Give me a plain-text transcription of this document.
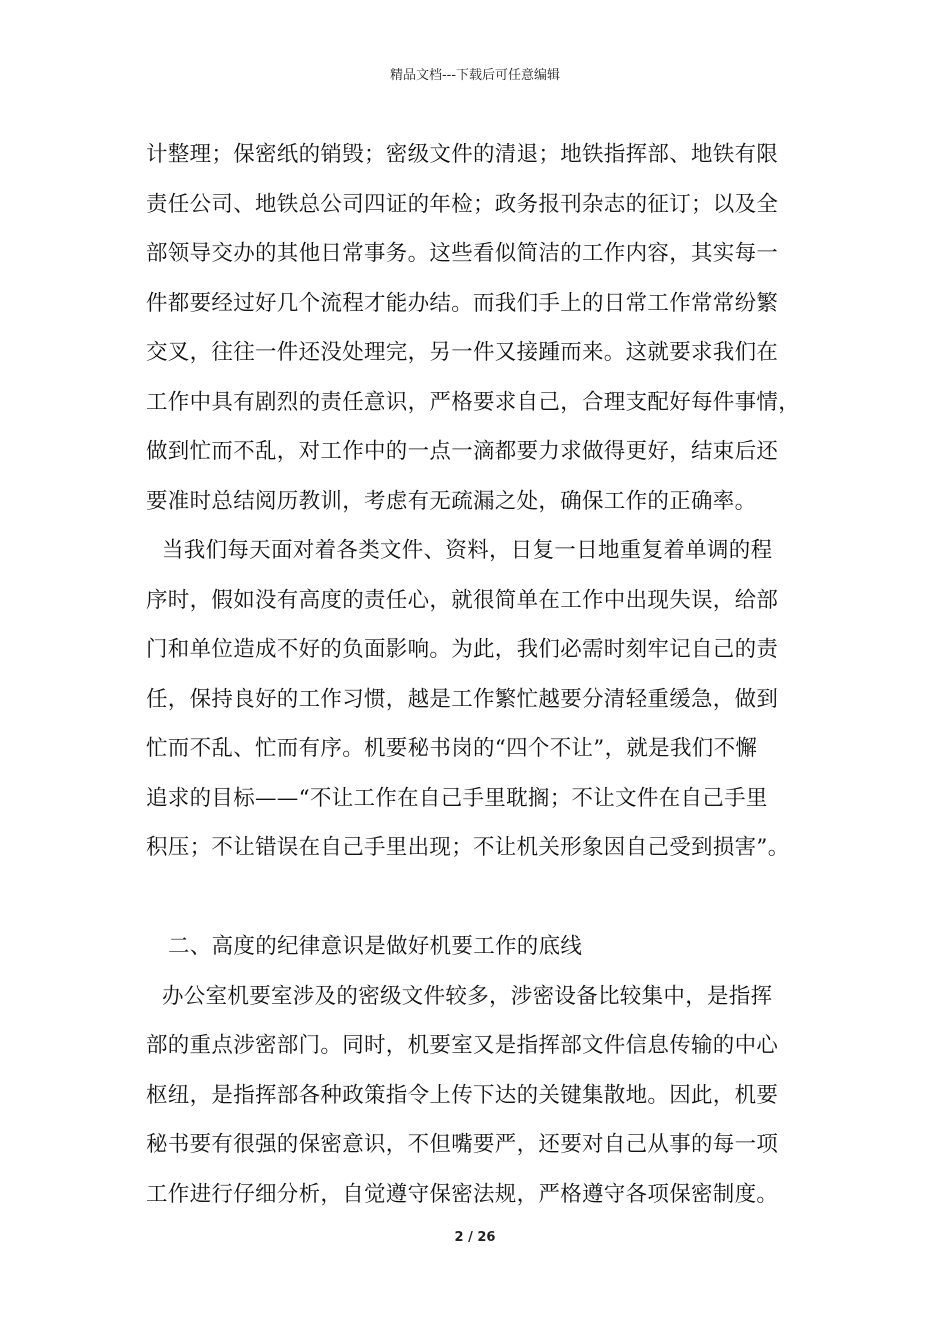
精品文档---下载后可任意编辑
计整理；保密纸的销毁；密级文件的清退；地铁指挥部、地铁有限
责任公司、地铁总公司四证的年检；政务报刊杂志的征订；以及全
部领导交办的其他日常事务。这些看似简洁的工作内容，其实每一
件都要经过好几个流程才能办结。而我们手上的日常工作常常纷繁
交叉，往往一件还没处理完，另一件又接踵而来。这就要求我们在
工作中具有剧烈的责任意识，严格要求自己，合理支配好每件事情，
做到忙而不乱，对工作中的一点一滴都要力求做得更好，结束后还
要准时总结阅历教训，考虑有无疏漏之处，确保工作的正确率。
当我们每天面对着各类文件、资料，日复一日地重复着单调的程
序时，假如没有高度的责任心，就很简单在工作中出现失误，给部
门和单位造成不好的负面影响。为此，我们必需时刻牢记自己的责
任，保持良好的工作习惯，越是工作繁忙越要分清轻重缓急，做到
忙而不乱、忙而有序。机要秘书岗的“四个不让”，就是我们不懈
追求的目标——“不让工作在自己手里耽搁；不让文件在自己手里
积压；不让错误在自己手里出现；不让机关形象因自己受到损害”。
二、高度的纪律意识是做好机要工作的底线
办公室机要室涉及的密级文件较多，涉密设备比较集中，是指挥
部的重点涉密部门。同时，机要室又是指挥部文件信息传输的中心
枢纽，是指挥部各种政策指令上传下达的关键集散地。因此，机要
秘书要有很强的保密意识，不但嘴要严，还要对自己从事的每一项
工作进行仔细分析，自觉遵守保密法规，严格遵守各项保密制度。
2 / 26
